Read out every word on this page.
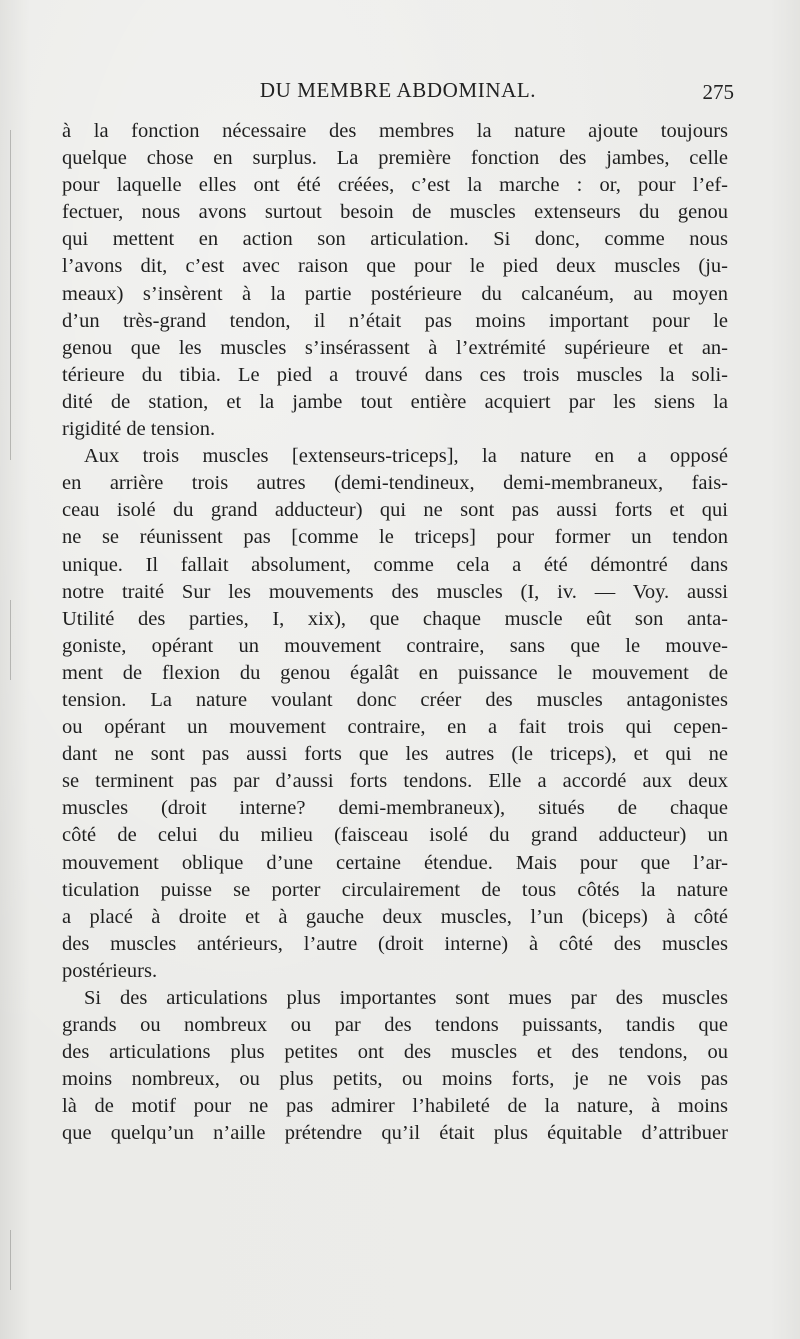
DU MEMBRE ABDOMINAL.	275
à la fonction nécessaire des membres la nature ajoute toujours
quelque chose en surplus. La première fonction des jambes, celle
pour laquelle elles ont été créées, c’est la marche : or, pour l’ef-
fectuer, nous avons surtout besoin de muscles extenseurs du genou
qui mettent en action son articulation. Si donc, comme nous
l’avons dit, c’est avec raison que pour le pied deux muscles (ju-
meaux) s’insèrent à la partie postérieure du calcanéum, au moyen
d’un très-grand tendon, il n’était pas moins important pour le
genou que les muscles s’insérassent à l’extrémité supérieure et an-
térieure du tibia. Le pied a trouvé dans ces trois muscles la soli-
dité de station, et la jambe tout entière acquiert par les siens la
rigidité de tension.
Aux trois muscles [extenseurs-triceps], la nature en a opposé
en arrière trois autres (demi-tendineux, demi-membraneux, fais-
ceau isolé du grand adducteur) qui ne sont pas aussi forts et qui
ne se réunissent pas [comme le triceps] pour former un tendon
unique. Il fallait absolument, comme cela a été démontré dans
notre traité Sur les mouvements des muscles (I, iv. — Voy. aussi
Utilité des parties, I, xix), que chaque muscle eût son anta-
goniste, opérant un mouvement contraire, sans que le mouve-
ment de flexion du genou égalât en puissance le mouvement de
tension. La nature voulant donc créer des muscles antagonistes
ou opérant un mouvement contraire, en a fait trois qui cepen-
dant ne sont pas aussi forts que les autres (le triceps), et qui ne
se terminent pas par d’aussi forts tendons. Elle a accordé aux deux
muscles (droit interne? demi-membraneux), situés de chaque
côté de celui du milieu (faisceau isolé du grand adducteur) un
mouvement oblique d’une certaine étendue. Mais pour que l’ar-
ticulation puisse se porter circulairement de tous côtés la nature
a placé à droite et à gauche deux muscles, l’un (biceps) à côté
des muscles antérieurs, l’autre (droit interne) à côté des muscles
postérieurs.
Si des articulations plus importantes sont mues par des muscles
grands ou nombreux ou par des tendons puissants, tandis que
des articulations plus petites ont des muscles et des tendons, ou
moins nombreux, ou plus petits, ou moins forts, je ne vois pas
là de motif pour ne pas admirer l’habileté de la nature, à moins
que quelqu’un n’aille prétendre qu’il était plus équitable d’attribuer
